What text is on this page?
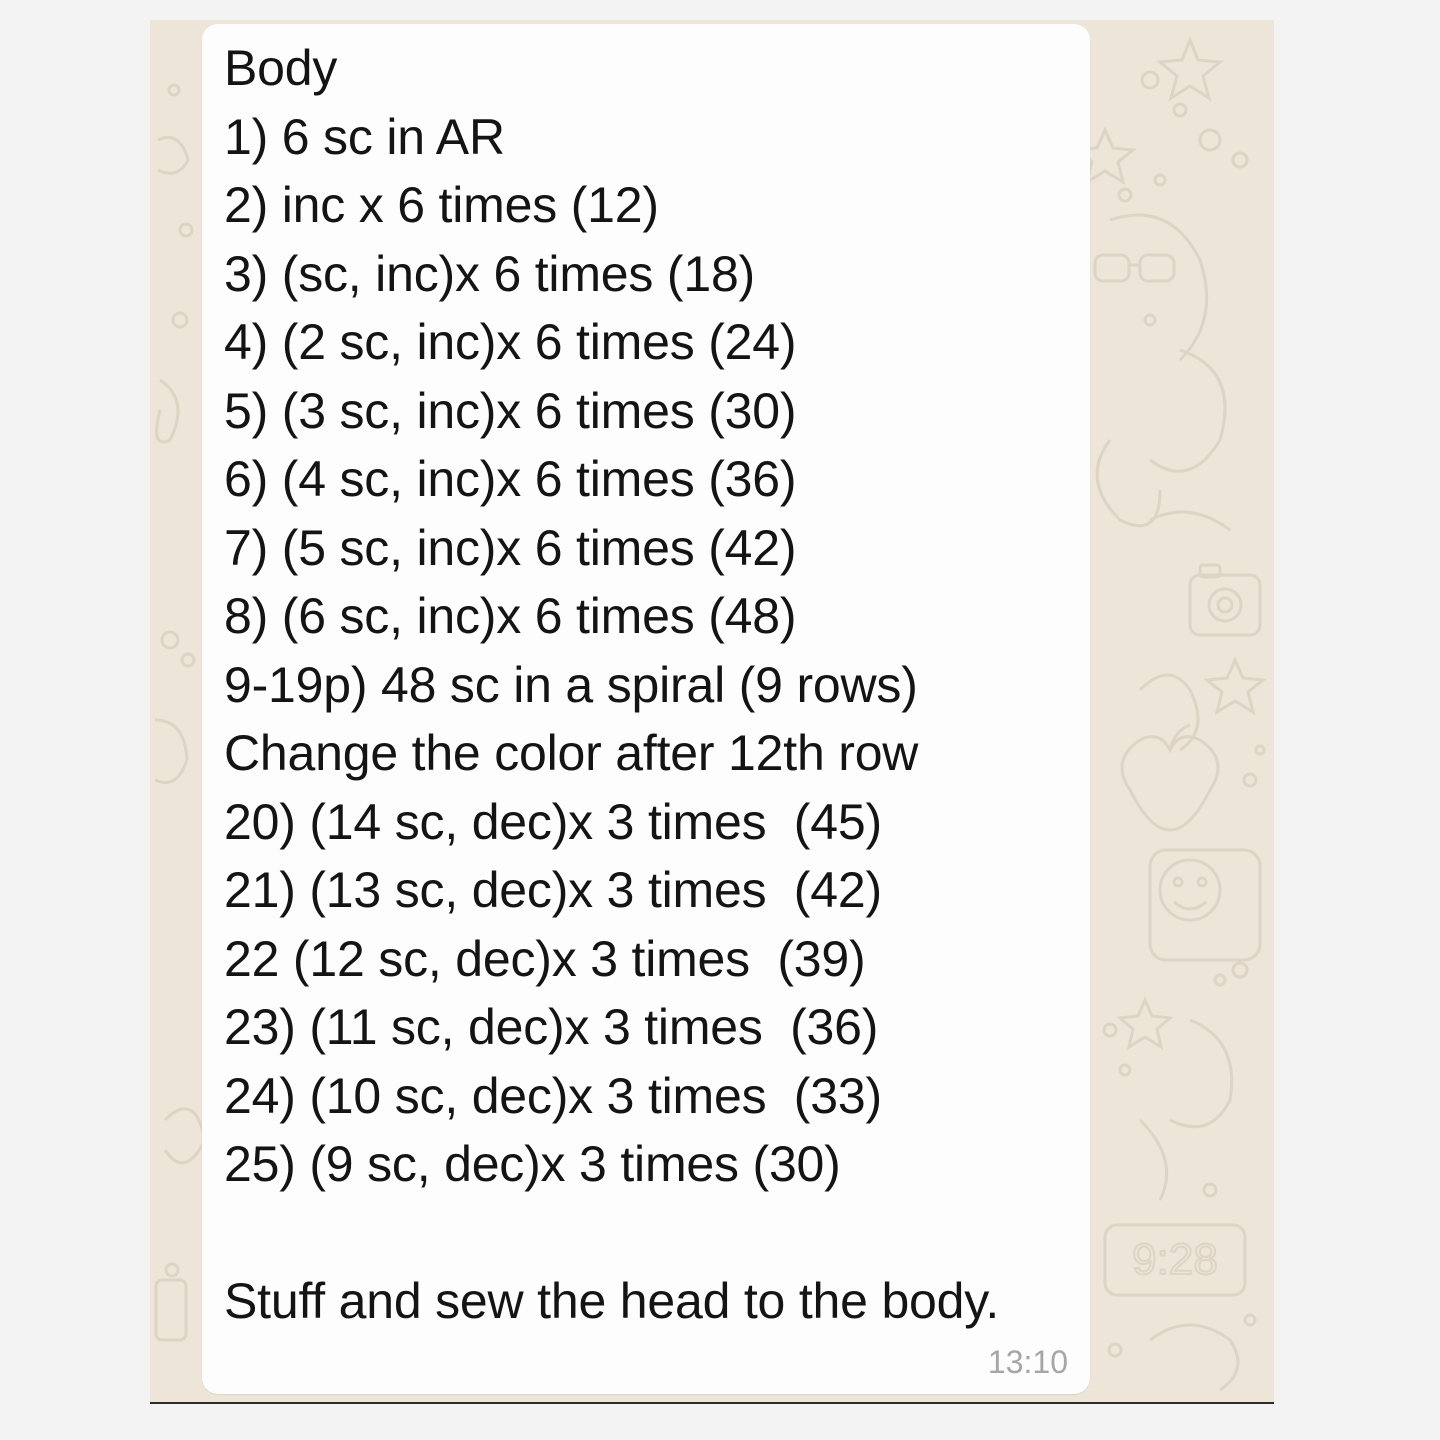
9:28
Body
1) 6 sc in AR
2) inc x 6 times (12)
3) (sc, inc)x 6 times (18)
4) (2 sc, inc)x 6 times (24)
5) (3 sc, inc)x 6 times (30)
6) (4 sc, inc)x 6 times (36)
7) (5 sc, inc)x 6 times (42)
8) (6 sc, inc)x 6 times (48)
9-19p) 48 sc in a spiral (9 rows)
Change the color after 12th row
20) (14 sc, dec)x 3 times  (45)
21) (13 sc, dec)x 3 times  (42)
22 (12 sc, dec)x 3 times  (39)
23) (11 sc, dec)x 3 times  (36)
24) (10 sc, dec)x 3 times  (33)
25) (9 sc, dec)x 3 times (30)
Stuff and sew the head to the body.
13:10
